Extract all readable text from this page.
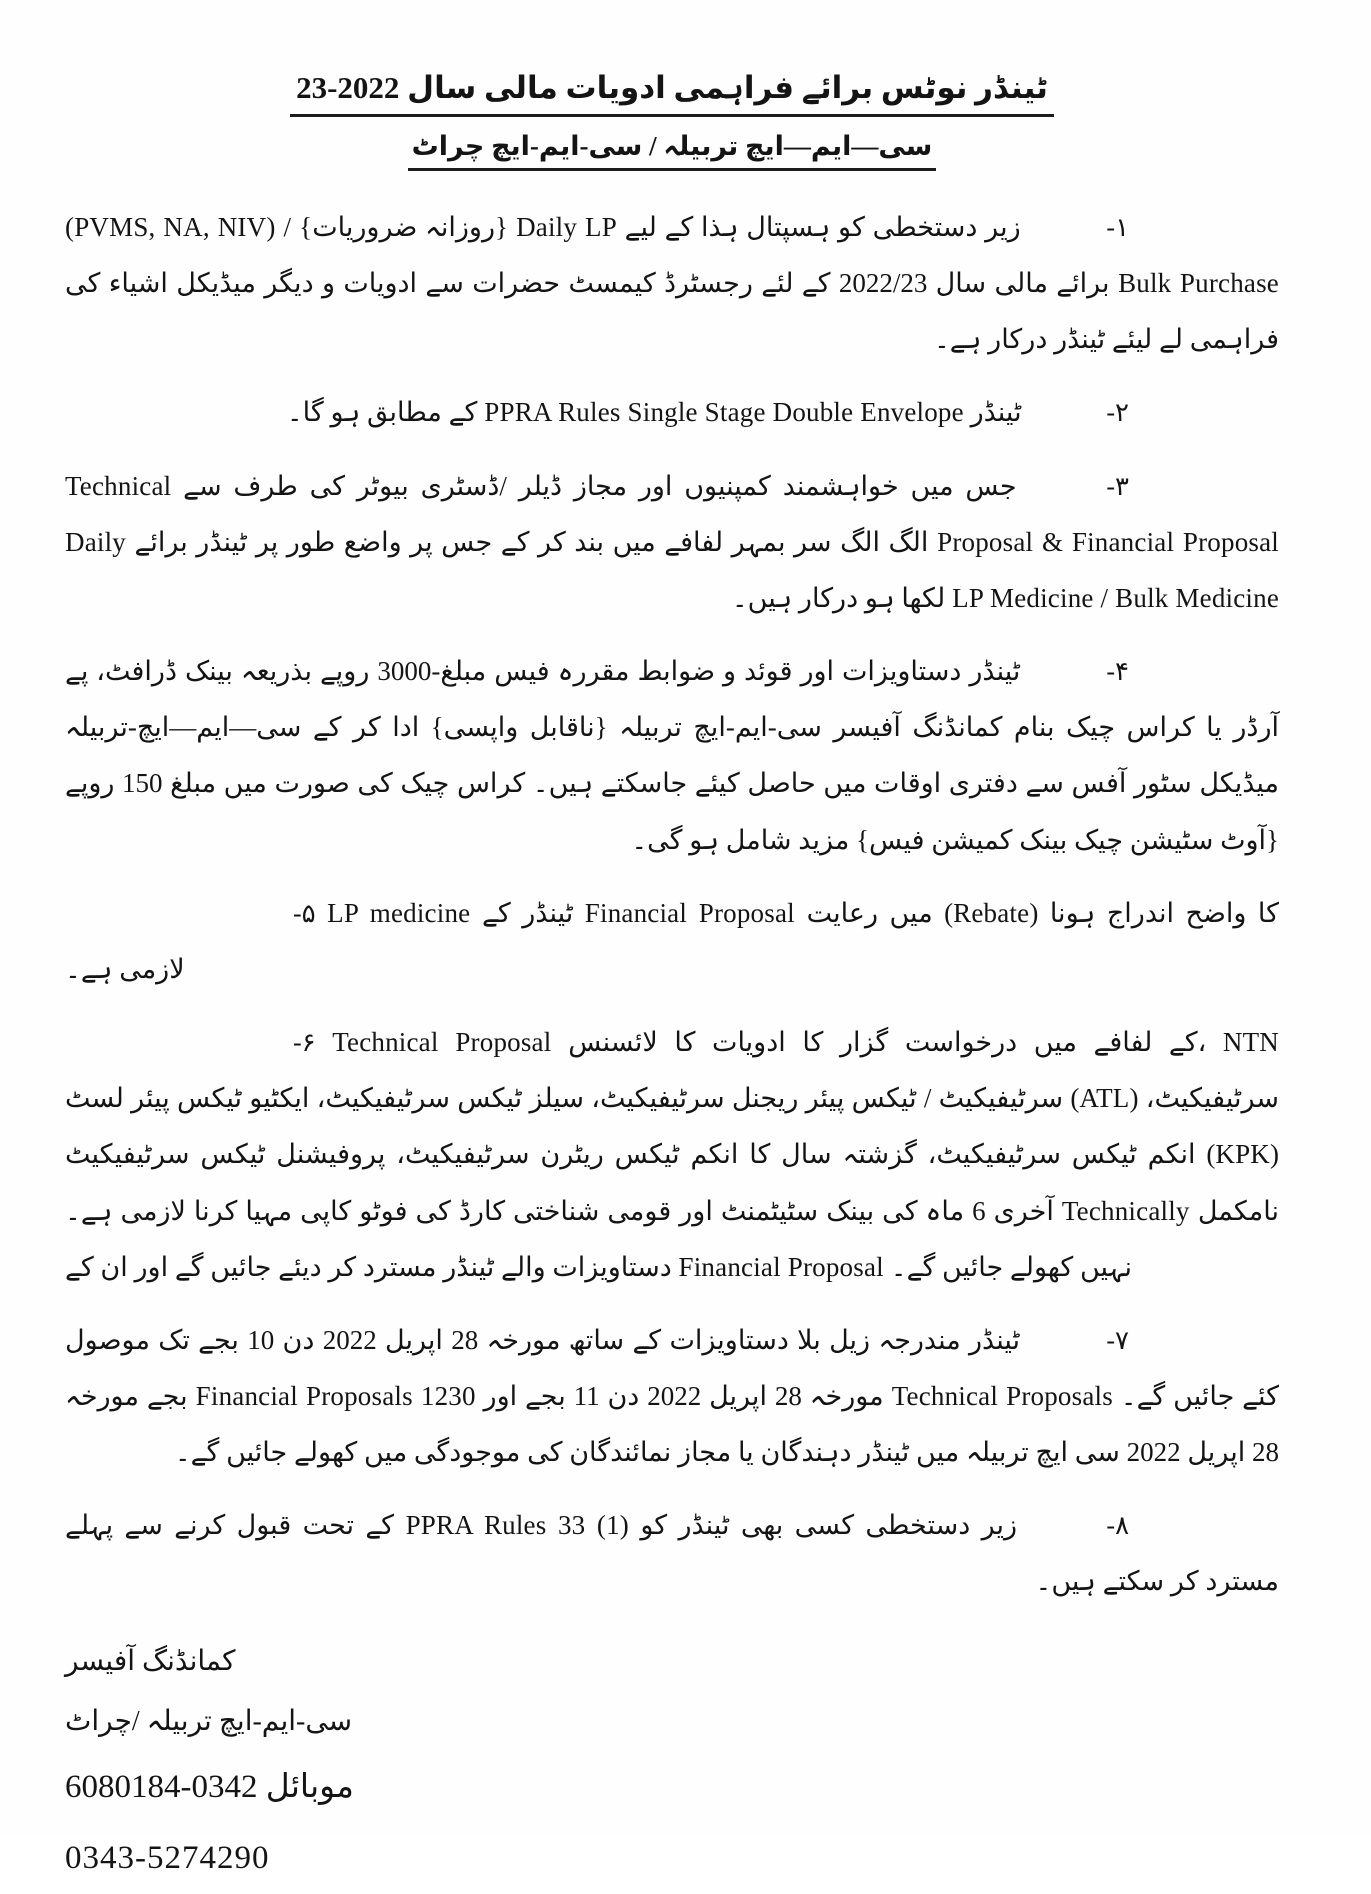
ٹینڈر نوٹس برائے فراہمی ادویات مالی سال 2022-23
سی—ایم—ایچ تربیلہ / سی-ایم-ایچ چراٹ

۱- زیر دستخطی کو ہسپتال ہذا کے لیے Daily LP {روزانہ ضروریات} / (PVMS, NA, NIV) Bulk Purchase برائے مالی سال 2022/23 کے لئے رجسٹرڈ کیمسٹ حضرات سے ادویات و دیگر میڈیکل اشیاء کی فراہمی لے لیئے ٹینڈر درکار ہے۔

۲- ٹینڈر PPRA Rules Single Stage Double Envelope کے مطابق ہو گا۔

۳- جس میں خواہشمند کمپنیوں اور مجاز ڈیلر /ڈسٹری بیوٹر کی طرف سے Technical Proposal & Financial Proposal الگ الگ سر بمہر لفافے میں بند کر کے جس پر واضع طور پر ٹینڈر برائے Daily LP Medicine / Bulk Medicine لکھا ہو درکار ہیں۔

۴- ٹینڈر دستاویزات اور قوئد و ضوابط مقررہ فیس مبلغ-3000 روپے بذریعہ بینک ڈرافٹ، پے آرڈر یا کراس چیک بنام کمانڈنگ آفیسر سی-ایم-ایچ تربیلہ {ناقابل واپسی} ادا کر کے سی—ایم—ایچ-تربیلہ میڈیکل سٹور آفس سے دفتری اوقات میں حاصل کیئے جاسکتے ہیں۔ کراس چیک کی صورت میں مبلغ 150 روپے {آوٹ سٹیشن چیک بینک کمیشن فیس} مزید شامل ہو گی۔

۵- LP medicine ٹینڈر کے Financial Proposal میں رعایت (Rebate) کا واضح اندراج ہونا لازمی ہے۔

۶- Technical Proposal کے لفافے میں درخواست گزار کا ادویات کا لائسنس، NTN سرٹیفیکیٹ / ٹیکس پیئر ریجنل سرٹیفیکیٹ، سیلز ٹیکس سرٹیفیکیٹ، ایکٹیو ٹیکس پیئر لسٹ (ATL) سرٹیفیکیٹ، انکم ٹیکس سرٹیفیکیٹ، گزشتہ سال کا انکم ٹیکس ریٹرن سرٹیفیکیٹ، پروفیشنل ٹیکس سرٹیفیکیٹ (KPK) آخری 6 ماہ کی بینک سٹیٹمنٹ اور قومی شناختی کارڈ کی فوٹو کاپی مہیا کرنا لازمی ہے۔ Technically نامکمل دستاویزات والے ٹینڈر مسترد کر دیئے جائیں گے اور ان کے Financial Proposal نہیں کھولے جائیں گے۔

۷- ٹینڈر مندرجہ زیل بلا دستاویزات کے ساتھ مورخہ 28 اپریل 2022 دن 10 بجے تک موصول کئے جائیں گے۔ Technical Proposals مورخہ 28 اپریل 2022 دن 11 بجے اور Financial Proposals 1230 بجے مورخہ 28 اپریل 2022 سی ایچ تربیلہ میں ٹینڈر دہندگان یا مجاز نمائندگان کی موجودگی میں کھولے جائیں گے۔

۸- زیر دستخطی کسی بھی ٹینڈر کو PPRA Rules 33 (1) کے تحت قبول کرنے سے پہلے مسترد کر سکتے ہیں۔

کمانڈنگ آفیسر
سی-ایم-ایچ تربیلہ /چراٹ
موبائل 0342-6080184
0343-5274290
